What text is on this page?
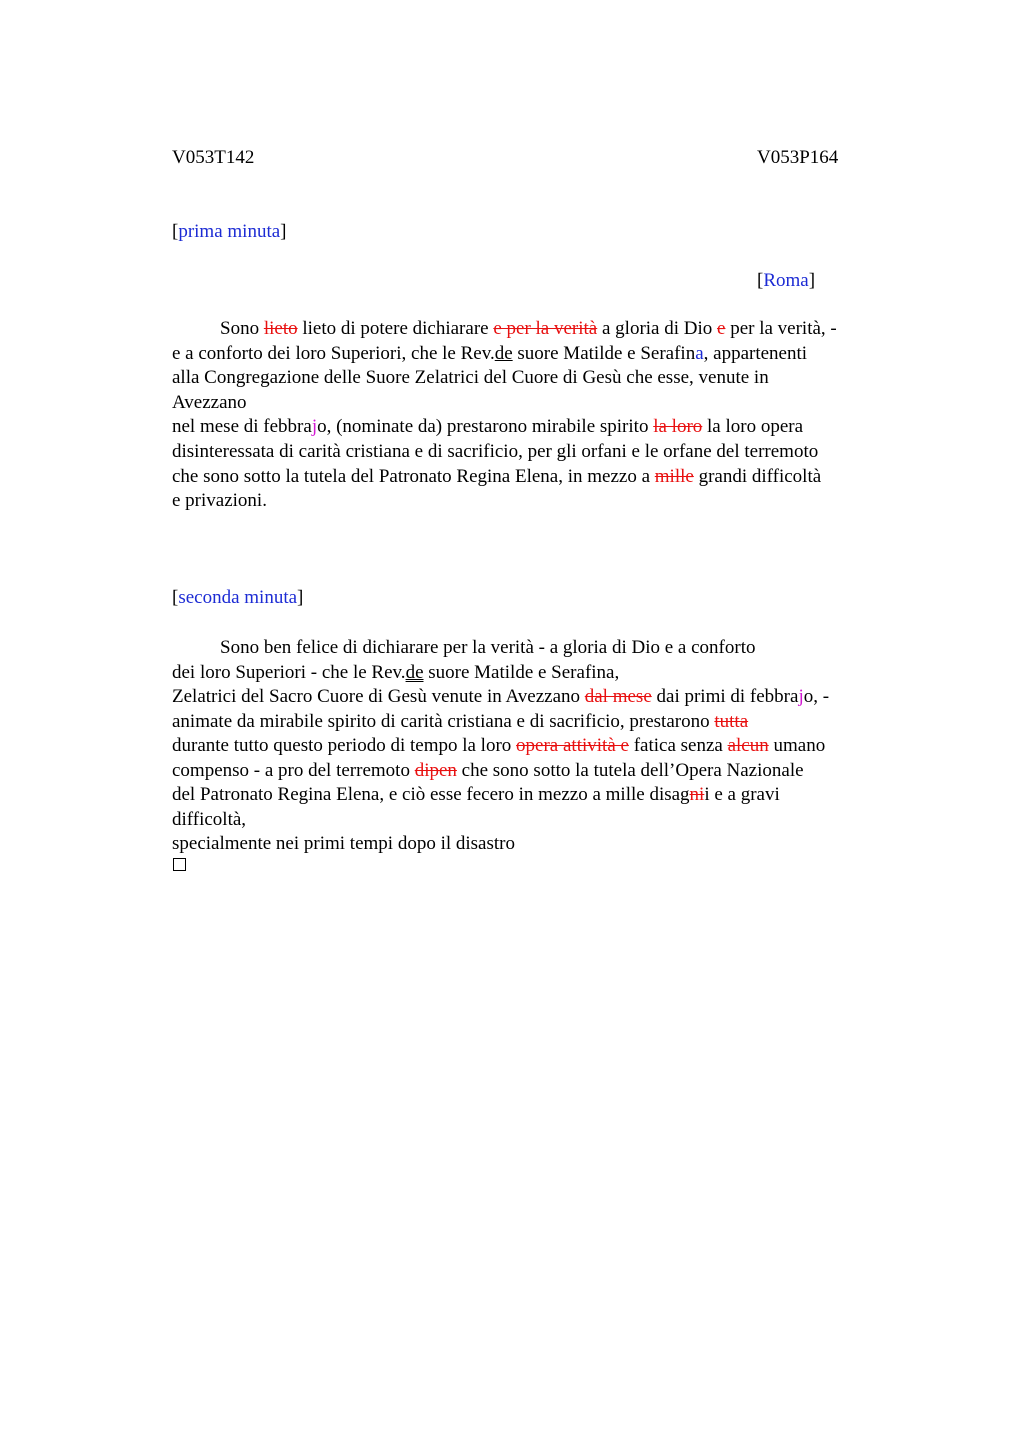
V053T142	V053P164
[prima minuta]
[Roma]
Sono lieto lieto di potere dichiarare e per la verità a gloria di Dio e per la verità, -
e a conforto dei loro Superiori, che le Rev.de suore Matilde e Serafina, appartenenti
alla Congregazione delle Suore Zelatrici del Cuore di Gesù che esse, venute in
Avezzano
nel mese di febbrajo, (nominate da) prestarono mirabile spirito la loro la loro opera
disinteressata di carità cristiana e di sacrificio, per gli orfani e le orfane del terremoto
che sono sotto la tutela del Patronato Regina Elena, in mezzo a mille grandi difficoltà
e privazioni.
[seconda minuta]
Sono ben felice di dichiarare per la verità - a gloria di Dio e a conforto
dei loro Superiori - che le Rev.de suore Matilde e Serafina,
Zelatrici del Sacro Cuore di Gesù venute in Avezzano dal mese dai primi di febbrajo, -
animate da mirabile spirito di carità cristiana e di sacrificio, prestarono tutta
durante tutto questo periodo di tempo la loro opera attività e fatica senza alcun umano
compenso - a pro del terremoto dipen che sono sotto la tutela dell’Opera Nazionale
del Patronato Regina Elena, e ciò esse fecero in mezzo a mille disagnii e a gravi
difficoltà,
specialmente nei primi tempi dopo il disastro
